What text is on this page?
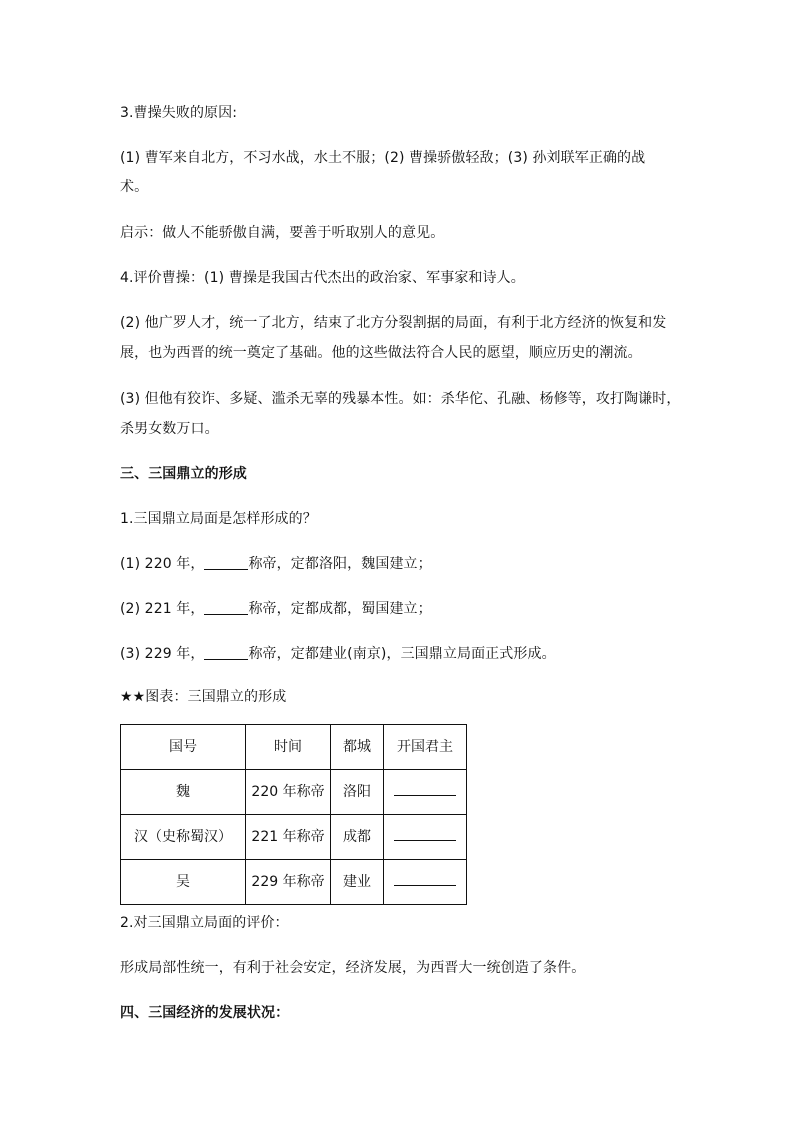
3.曹操失败的原因:
(1) 曹军来自北方，不习水战，水土不服；(2) 曹操骄傲轻敌；(3) 孙刘联军正确的战
术。
启示：做人不能骄傲自满，要善于听取别人的意见。
4.评价曹操：(1) 曹操是我国古代杰出的政治家、军事家和诗人。
(2) 他广罗人才，统一了北方，结束了北方分裂割据的局面，有利于北方经济的恢复和发
展，也为西晋的统一奠定了基础。他的这些做法符合人民的愿望，顺应历史的潮流。
(3) 但他有狡诈、多疑、滥杀无辜的残暴本性。如：杀华佗、孔融、杨修等，攻打陶谦时，
杀男女数万口。
三、三国鼎立的形成
1.三国鼎立局面是怎样形成的？
(1) 220 年，	称帝，定都洛阳，魏国建立；
(2) 221 年，	称帝，定都成都，蜀国建立；
(3) 229 年，	称帝，定都建业(南京)，三国鼎立局面正式形成。
★★图表：三国鼎立的形成
国号	时间	都城	开国君主
魏	220 年称帝	洛阳	
汉（史称蜀汉）	221 年称帝	成都	
吴	229 年称帝	建业	
2.对三国鼎立局面的评价：
形成局部性统一，有利于社会安定，经济发展，为西晋大一统创造了条件。
四、三国经济的发展状况：
